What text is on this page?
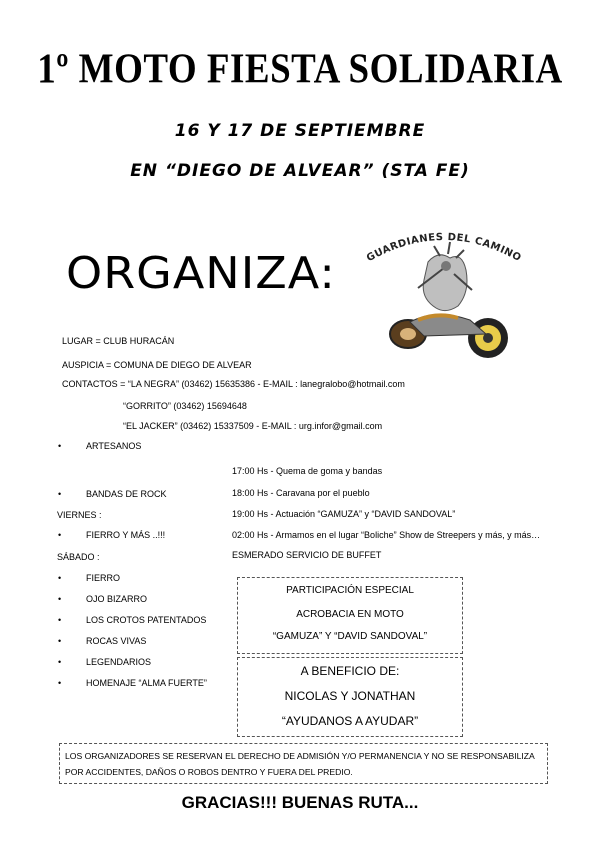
1º MOTO FIESTA SOLIDARIA
16 Y 17 DE SEPTIEMBRE
EN “DIEGO DE ALVEAR” (STA FE)
ORGANIZA:	GUARDIANES DEL CAMINO
LUGAR = CLUB HURACÁN
AUSPICIA = COMUNA DE DIEGO DE ALVEAR
CONTACTOS = “LA NEGRA” (03462) 15635386 - E-MAIL : lanegralobo@hotmail.com
“GORRITO” (03462) 15694648
“EL JACKER” (03462) 15337509 - E-MAIL : urg.infor@gmail.com
• ARTESANOS
• BANDAS DE ROCK
VIERNES :
• FIERRO Y MÁS ..!!!
SÁBADO :
• FIERRO
• OJO BIZARRO
• LOS CROTOS PATENTADOS
• ROCAS VIVAS
• LEGENDARIOS
• HOMENAJE “ALMA FUERTE”
17:00 Hs - Quema de goma y bandas
18:00 Hs - Caravana por el pueblo
19:00 Hs - Actuación “GAMUZA” y “DAVID SANDOVAL”
02:00 Hs - Armamos en el lugar “Boliche” Show de Streepers y más, y más…
ESMERADO SERVICIO DE BUFFET
PARTICIPACIÓN ESPECIAL
ACROBACIA EN MOTO
“GAMUZA” Y “DAVID SANDOVAL”
A BENEFICIO DE:
NICOLAS Y JONATHAN
“AYUDANOS A AYUDAR”
LOS ORGANIZADORES SE RESERVAN EL DERECHO DE ADMISIÓN Y/O PERMANENCIA Y NO SE RESPONSABILIZA POR ACCIDENTES, DAÑOS O ROBOS DENTRO Y FUERA DEL PREDIO.
GRACIAS!!! BUENAS RUTA...
